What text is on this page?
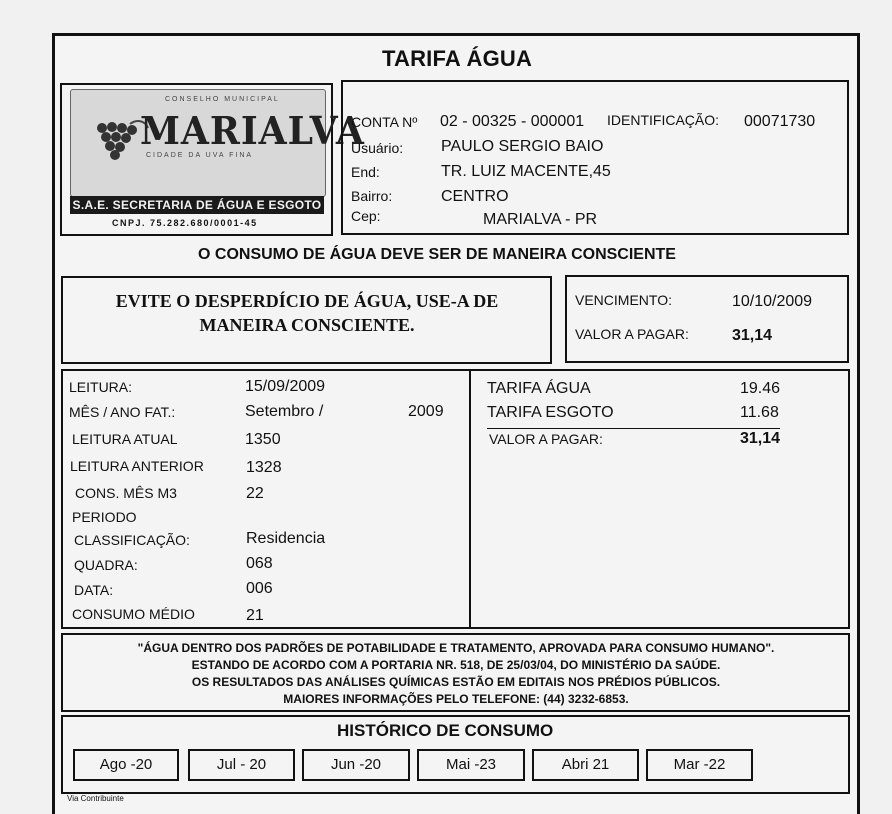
TARIFA ÁGUA
CONSELHO MUNICIPAL
MARIALVA
CIDADE DA UVA FINA
S.A.E. SECRETARIA DE ÁGUA E ESGOTO
CNPJ. 75.282.680/0001-45
CONTA Nº 02 - 00325 - 000001 IDENTIFICAÇÃO: 00071730
Usuário: PAULO SERGIO BAIO
End:	TR. LUIZ MACENTE,45
Bairro:	CENTRO
Cep:	MARIALVA - PR
O CONSUMO DE ÁGUA DEVE SER DE MANEIRA CONSCIENTE
EVITE O DESPERDÍCIO DE ÁGUA, USE-A DE
MANEIRA CONSCIENTE.
VENCIMENTO:	10/10/2009
VALOR A PAGAR:	31,14
LEITURA:	15/09/2009
MÊS / ANO FAT.:	Setembro /	2009
LEITURA ATUAL	1350
LEITURA ANTERIOR	1328
CONS. MÊS M3	22
PERIODO
CLASSIFICAÇÃO:	Residencia
QUADRA:	068
DATA:	006
CONSUMO MÉDIO	21
TARIFA ÁGUA	19.46
TARIFA ESGOTO	11.68
VALOR A PAGAR:	31,14
"ÁGUA DENTRO DOS PADRÕES DE POTABILIDADE E TRATAMENTO, APROVADA PARA CONSUMO HUMANO".
ESTANDO DE ACORDO COM A PORTARIA NR. 518, DE 25/03/04, DO MINISTÉRIO DA SAÚDE.
OS RESULTADOS DAS ANÁLISES QUÍMICAS ESTÃO EM EDITAIS NOS PRÉDIOS PÚBLICOS.
MAIORES INFORMAÇÕES PELO TELEFONE: (44) 3232-6853.
HISTÓRICO DE CONSUMO
Ago -20	Jul - 20	Jun -20	Mai -23	Abri 21	Mar -22
Via Contribuinte
